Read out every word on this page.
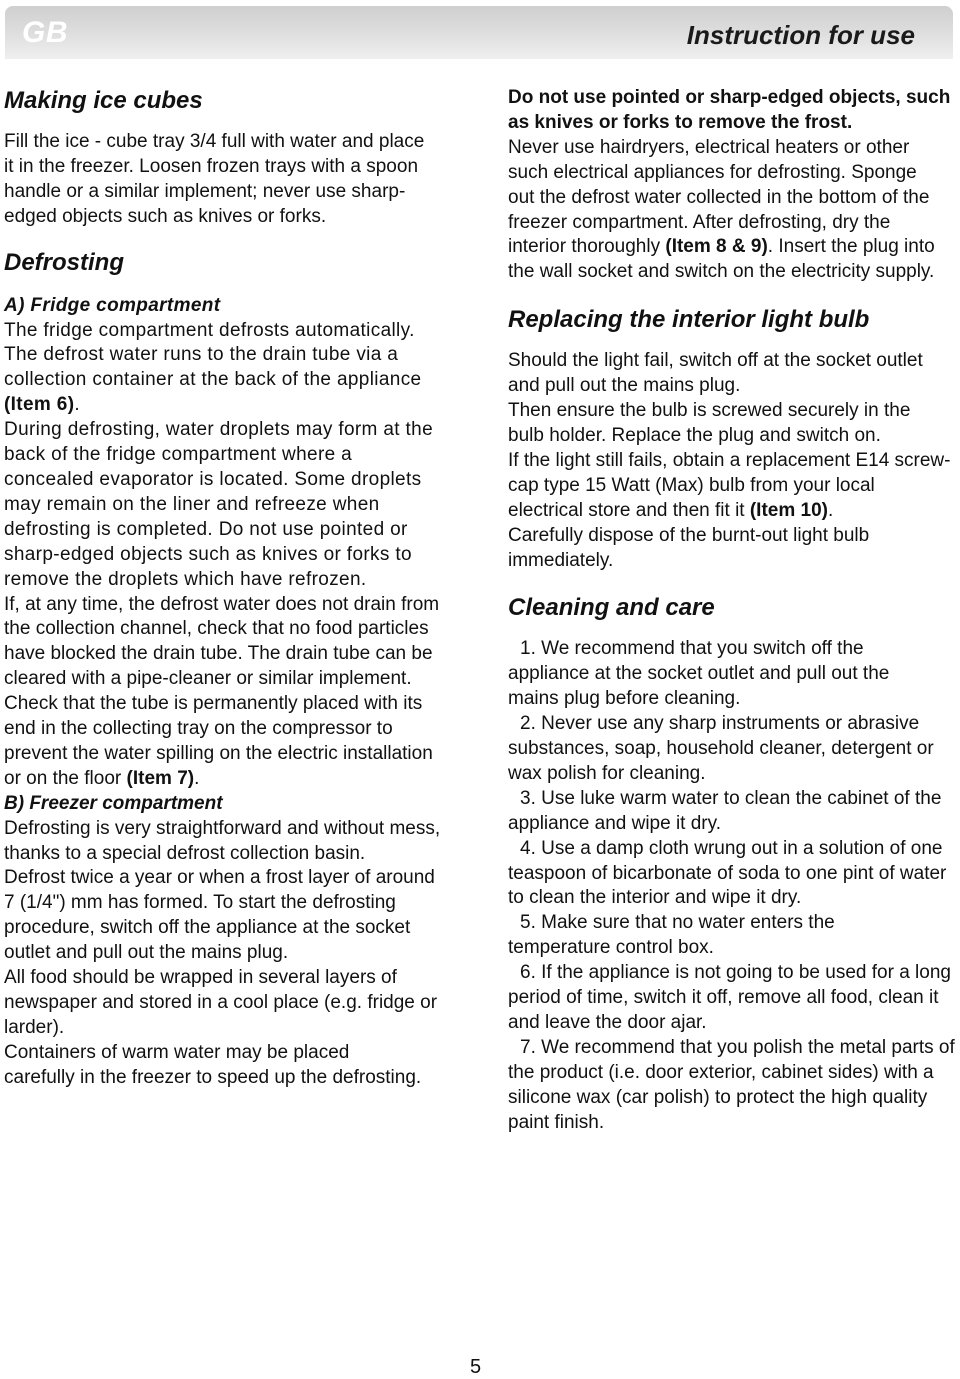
GB	Instruction for use
Making ice cubes

Fill the ice - cube tray 3/4 full with water and place it in the freezer. Loosen frozen trays with a spoon handle or a similar implement; never use sharp-edged objects such as knives or forks.

Defrosting

A) Fridge compartment

The fridge compartment defrosts automatically. The defrost water runs to the drain tube via a collection container at the back of the appliance (Item 6).

During defrosting, water droplets may form at the back of the fridge compartment where a concealed evaporator is located. Some droplets may remain on the liner and refreeze when defrosting is completed. Do not use pointed or sharp-edged objects such as knives or forks to remove the droplets which have refrozen.

If, at any time, the defrost water does not drain from the collection channel, check that no food particles have blocked the drain tube. The drain tube can be cleared with a pipe-cleaner or similar implement.

Check that the tube is permanently placed with its end in the collecting tray on the compressor to prevent the water spilling on the electric installation or on the floor (Item 7).

B) Freezer compartment

Defrosting is very straightforward and without mess, thanks to a special defrost collection basin.

Defrost twice a year or when a frost layer of around 7 (1/4") mm has formed. To start the defrosting procedure, switch off the appliance at the socket outlet and pull out the mains plug.

All food should be wrapped in several layers of newspaper and stored in a cool place (e.g. fridge or larder).

Containers of warm water may be placed carefully in the freezer to speed up the defrosting.

Do not use pointed or sharp-edged objects, such as knives or forks to remove the frost.

Never use hairdryers, electrical heaters or other such electrical appliances for defrosting. Sponge out the defrost water collected in the bottom of the freezer compartment. After defrosting, dry the interior thoroughly (Item 8 & 9). Insert the plug into the wall socket and switch on the electricity supply.

Replacing the interior light bulb

Should the light fail, switch off at the socket outlet and pull out the mains plug.

Then ensure the bulb is screwed securely in the bulb holder. Replace the plug and switch on.

If the light still fails, obtain a replacement E14 screw-cap type 15 Watt (Max) bulb from your local electrical store and then fit it (Item 10).

Carefully dispose of the burnt-out light bulb immediately.

Cleaning and care

1. We recommend that you switch off the appliance at the socket outlet and pull out the mains plug before cleaning.

2. Never use any sharp instruments or abrasive substances, soap, household cleaner, detergent or wax polish for cleaning.

3. Use luke warm water to clean the cabinet of the appliance and wipe it dry.

4. Use a damp cloth wrung out in a solution of one teaspoon of bicarbonate of soda to one pint of water to clean the interior and wipe it dry.

5. Make sure that no water enters the temperature control box.

6. If the appliance is not going to be used for a long period of time, switch it off, remove all food, clean it and leave the door ajar.

7. We recommend that you polish the metal parts of the product (i.e. door exterior, cabinet sides) with a silicone wax (car polish) to protect the high quality paint finish.

5
